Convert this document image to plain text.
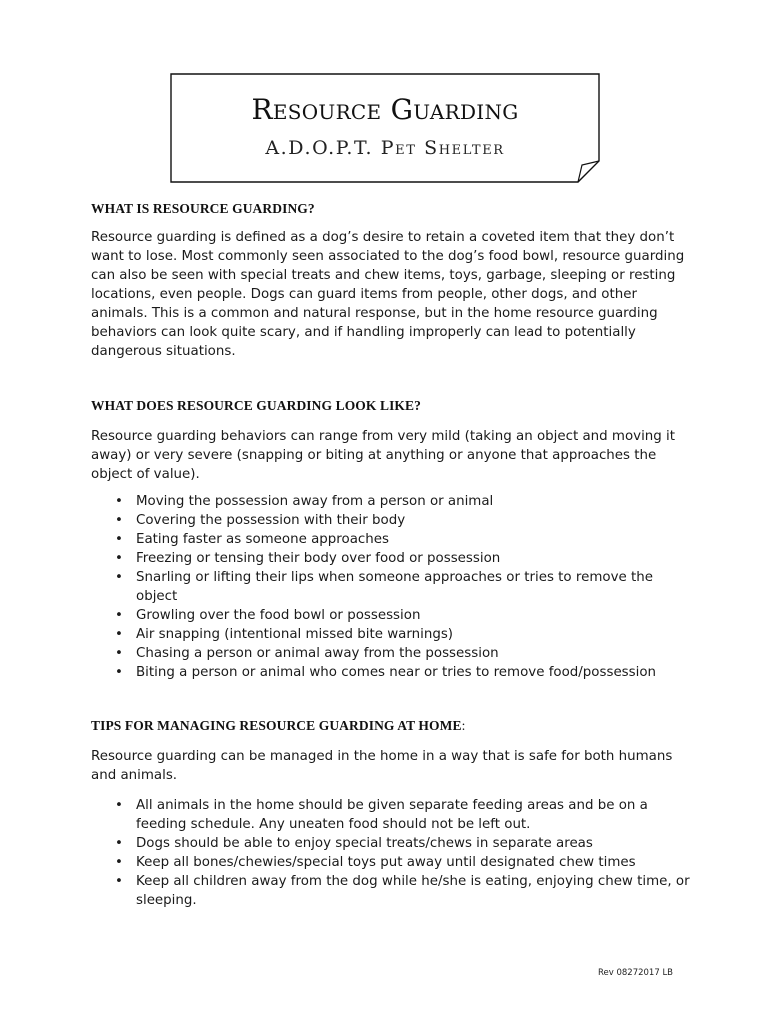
Resource Guarding
A.D.O.P.T. Pet Shelter
WHAT IS RESOURCE GUARDING?
Resource guarding is defined as a dog’s desire to retain a coveted item that they don’t want to lose. Most commonly seen associated to the dog’s food bowl, resource guarding can also be seen with special treats and chew items, toys, garbage, sleeping or resting locations, even people. Dogs can guard items from people, other dogs, and other animals. This is a common and natural response, but in the home resource guarding behaviors can look quite scary, and if handling improperly can lead to potentially dangerous situations.
WHAT DOES RESOURCE GUARDING LOOK LIKE?
Resource guarding behaviors can range from very mild (taking an object and moving it away) or very severe (snapping or biting at anything or anyone that approaches the object of value).
• Moving the possession away from a person or animal
• Covering the possession with their body
• Eating faster as someone approaches
• Freezing or tensing their body over food or possession
• Snarling or lifting their lips when someone approaches or tries to remove the object
• Growling over the food bowl or possession
• Air snapping (intentional missed bite warnings)
• Chasing a person or animal away from the possession
• Biting a person or animal who comes near or tries to remove food/possession
TIPS FOR MANAGING RESOURCE GUARDING AT HOME:
Resource guarding can be managed in the home in a way that is safe for both humans and animals.
• All animals in the home should be given separate feeding areas and be on a feeding schedule. Any uneaten food should not be left out.
• Dogs should be able to enjoy special treats/chews in separate areas
• Keep all bones/chewies/special toys put away until designated chew times
• Keep all children away from the dog while he/she is eating, enjoying chew time, or sleeping.
Rev 08272017 LB
